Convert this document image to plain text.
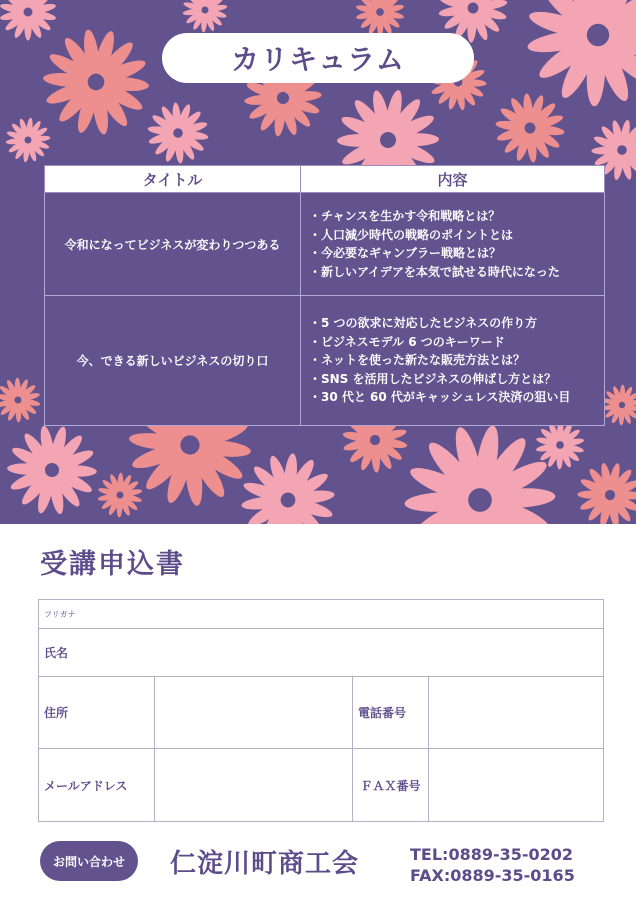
カリキュラム
タイトル	内容
令和になってビジネスが変わりつつある	・チャンスを生かす令和戦略とは？
・人口減少時代の戦略のポイントとは
・今必要なギャンブラー戦略とは？
・新しいアイデアを本気で試せる時代になった

今、できる新しいビジネスの切り口	・5 つの欲求に対応したビジネスの作り方
・ビジネスモデル 6 つのキーワード
・ネットを使った新たな販売方法とは？
・SNS を活用したビジネスの伸ばし方とは？
・30 代と 60 代がキャッシュレス決済の狙い目
受講申込書
フリガナ			
氏名			
住所		電話番号	
メールアドレス		ＦＡＸ番号	
お問い合わせ	仁淀川町商工会	TEL:0889-35-0202
FAX:0889-35-0165
